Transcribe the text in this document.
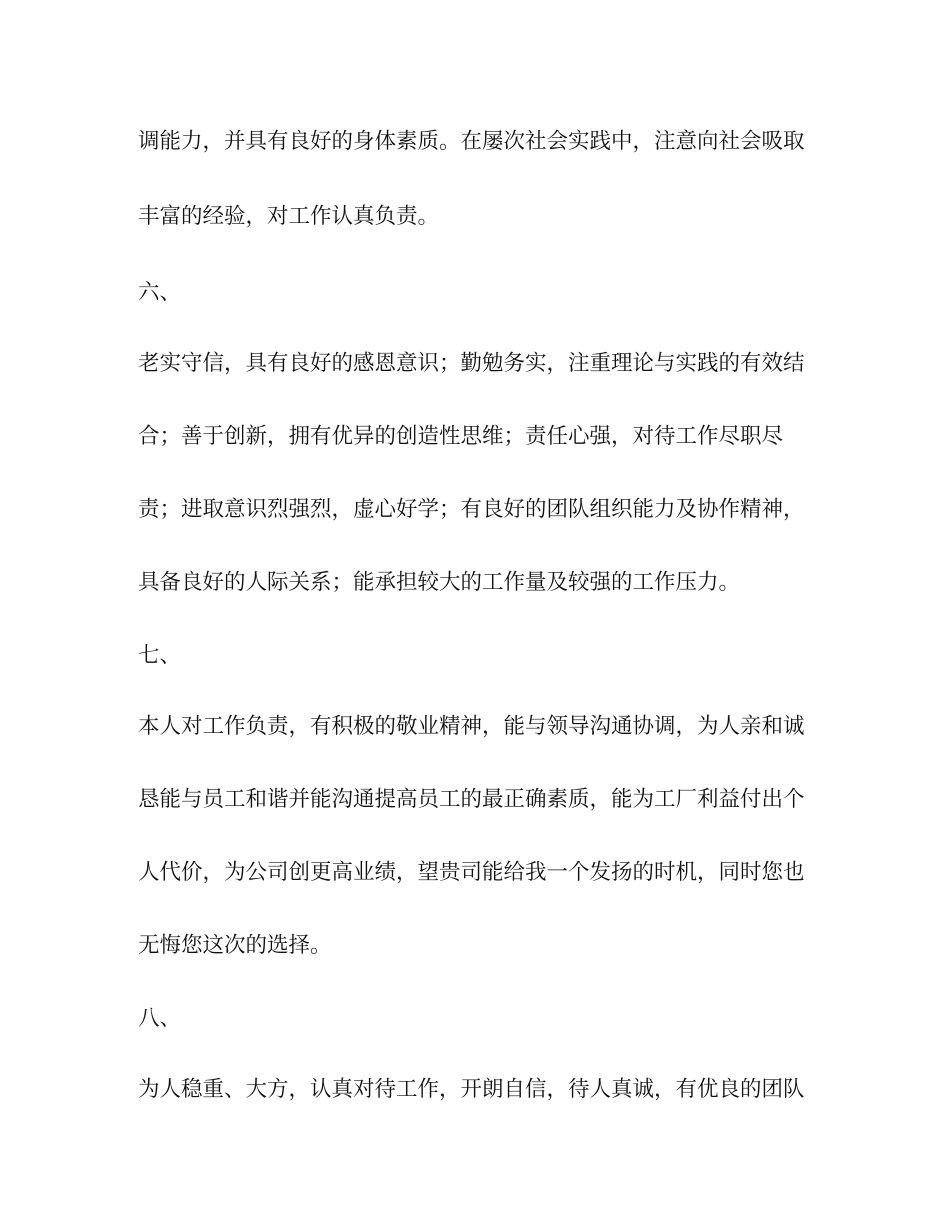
调能力，并具有良好的身体素质。在屡次社会实践中，注意向社会吸取
丰富的经验，对工作认真负责。
六、
老实守信，具有良好的感恩意识；勤勉务实，注重理论与实践的有效结
合；善于创新，拥有优异的创造性思维；责任心强，对待工作尽职尽
责；进取意识烈强烈，虚心好学；有良好的团队组织能力及协作精神，
具备良好的人际关系；能承担较大的工作量及较强的工作压力。
七、
本人对工作负责，有积极的敬业精神，能与领导沟通协调，为人亲和诚
恳能与员工和谐并能沟通提高员工的最正确素质，能为工厂利益付出个
人代价，为公司创更高业绩，望贵司能给我一个发扬的时机，同时您也
无悔您这次的选择。
八、
为人稳重、大方，认真对待工作，开朗自信，待人真诚，有优良的团队
